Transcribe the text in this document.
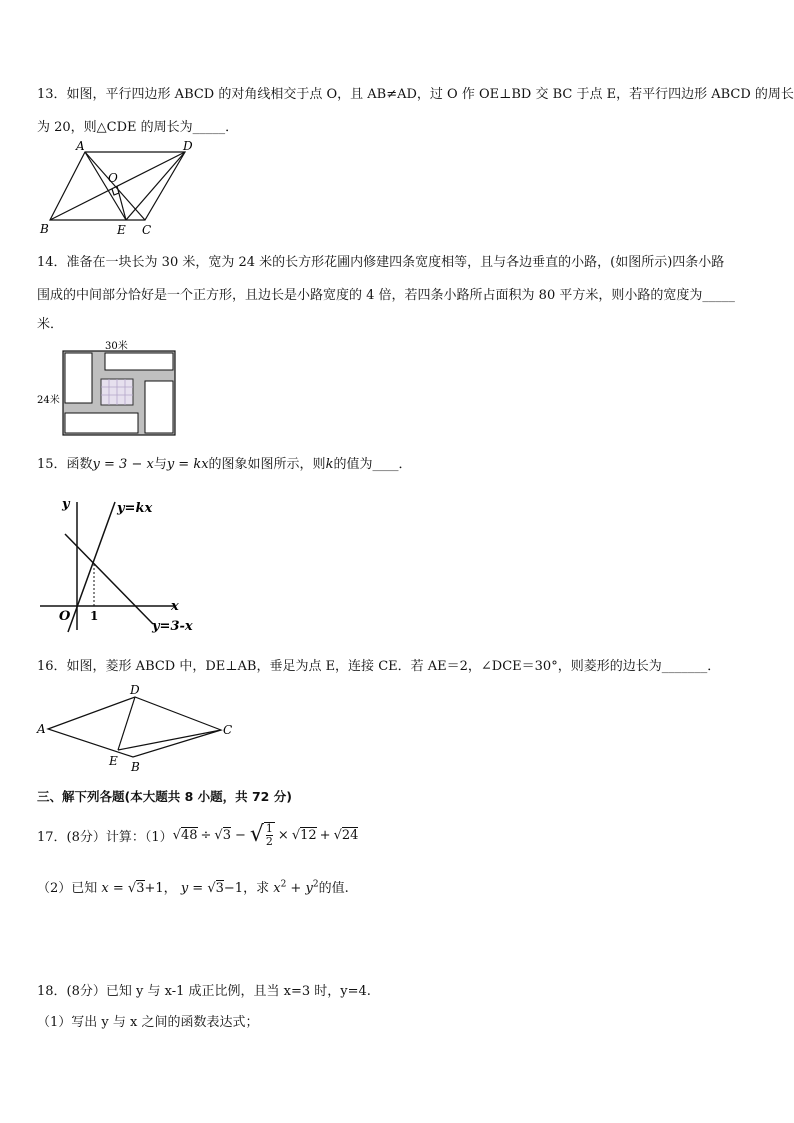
13．如图，平行四边形 ABCD 的对角线相交于点 O，且 AB≠AD，过 O 作 OE⊥BD 交 BC 于点 E，若平行四边形 ABCD 的周长
为 20，则△CDE 的周长为_____．
A	D
O
B	E C
14．准备在一块长为 30 米，宽为 24 米的长方形花圃内修建四条宽度相等，且与各边垂直的小路，(如图所示)四条小路
围成的中间部分恰好是一个正方形，且边长是小路宽度的 4 倍，若四条小路所占面积为 80 平方米，则小路的宽度为_____
米．
30米
24米
15．函数y = 3 − x与y = kx的图象如图所示，则k的值为____．
y
x
O 1
y=kx
y=3-x
16．如图，菱形 ABCD 中，DE⊥AB，垂足为点 E，连接 CE．若 AE＝2，∠DCE＝30°，则菱形的边长为_______．
A
D
C
E B
三、解下列各题(本大题共 8 小题，共 72 分)
17．(8分）计算：（1） √ 48 ÷ √ 3 − √ $\frac{1}{2}$ × √ 12 + √ 24
（2）已知 x = √3+1， y = √3−1，求 $x^2 + y^2$的值.
18．(8分）已知 y 与 x-1 成正比例，且当 x=3 时，y=4.
（1）写出 y 与 x 之间的函数表达式；
